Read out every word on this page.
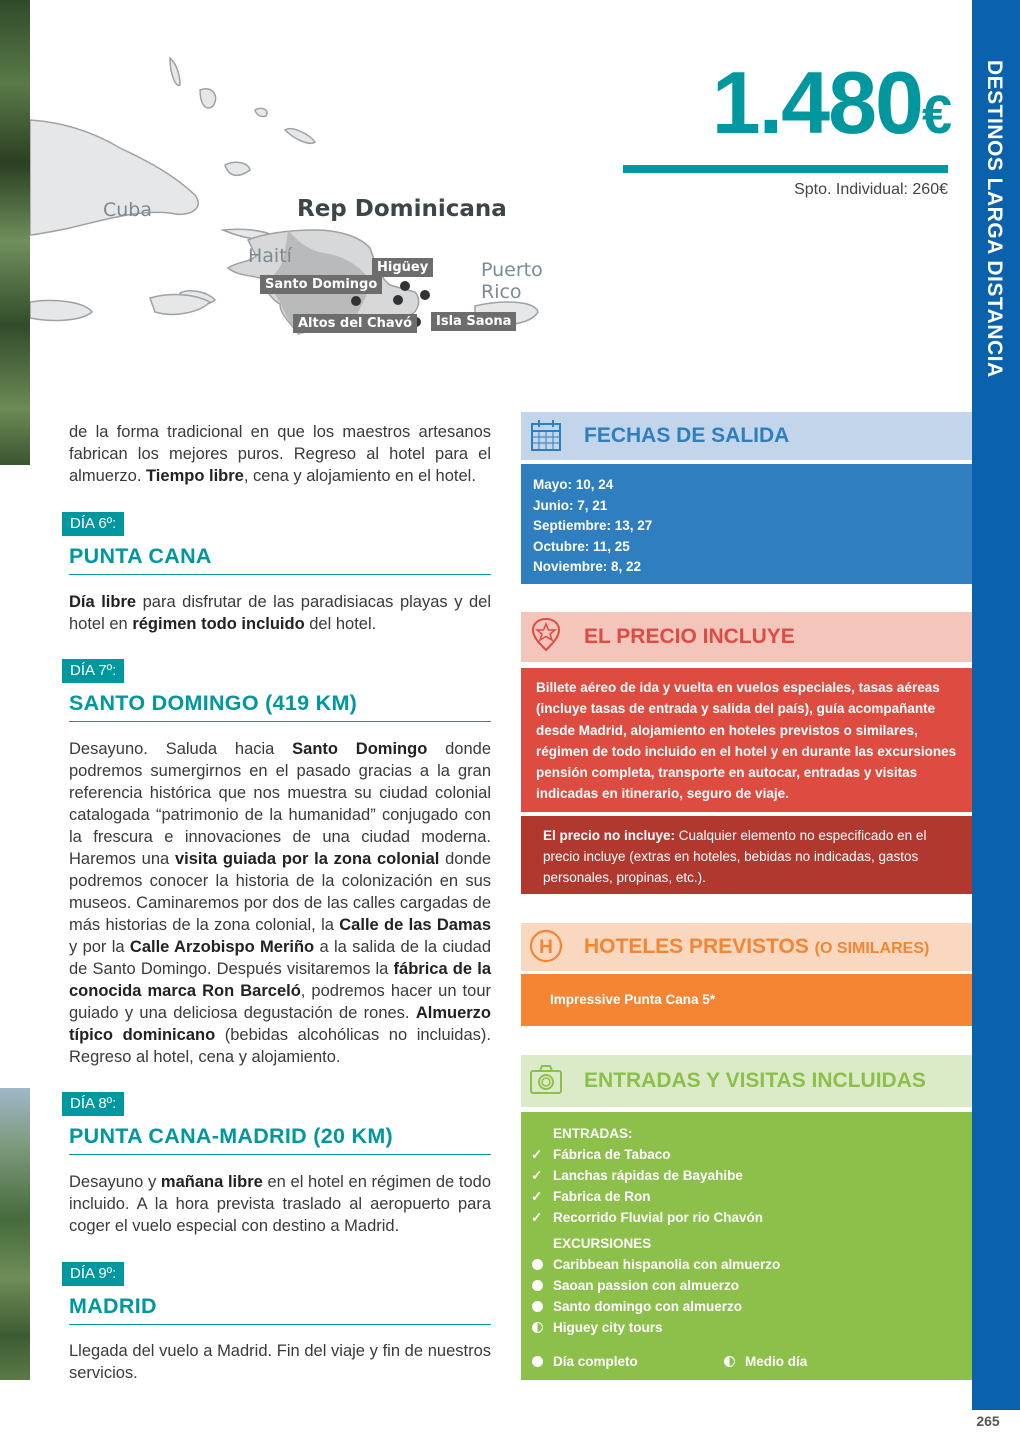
DESTINOS LARGA DISTANCIA
265
Cuba
Haití
Puerto
Rico
Rep Dominicana
Higüey
Santo Domingo
Altos del Chavó	Isla Saona
1.480€
Spto. Individual: 260€
de la forma tradicional en que los maestros artesanos fabrican los mejores puros. Regreso al hotel para el almuerzo. Tiempo libre, cena y alojamiento en el hotel.
DÍA 6º:
PUNTA CANA
Día libre para disfrutar de las paradisiacas playas y del hotel en régimen todo incluido del hotel.
DÍA 7º:
SANTO DOMINGO (419 KM)
Desayuno. Saluda hacia Santo Domingo donde podremos sumergirnos en el pasado gracias a la gran referencia histórica que nos muestra su ciudad colonial catalogada “patrimonio de la humanidad” conjugado con la frescura e innovaciones de una ciudad moderna. Haremos una visita guiada por la zona colonial donde podremos conocer la historia de la colonización en sus museos. Caminaremos por dos de las calles cargadas de más historias de la zona colonial, la Calle de las Damas y por la Calle Arzobispo Meriño a la salida de la ciudad de Santo Domingo. Después visitaremos la fábrica de la conocida marca Ron Barceló, podremos hacer un tour guiado y una deliciosa degustación de rones. Almuerzo típico dominicano (bebidas alcohólicas no incluidas). Regreso al hotel, cena y alojamiento.
DÍA 8º:
PUNTA CANA-MADRID (20 KM)
Desayuno y mañana libre en el hotel en régimen de todo incluido. A la hora prevista traslado al aeropuerto para coger el vuelo especial con destino a Madrid.
DÍA 9º:
MADRID
Llegada del vuelo a Madrid. Fin del viaje y fin de nuestros servicios.
FECHAS DE SALIDA
Mayo: 10, 24
Junio: 7, 21
Septiembre: 13, 27
Octubre: 11, 25
Noviembre: 8, 22
EL PRECIO INCLUYE
Billete aéreo de ida y vuelta en vuelos especiales, tasas aéreas (incluye tasas de entrada y salida del país), guía acompañante desde Madrid, alojamiento en hoteles previstos o similares, régimen de todo incluido en el hotel y en durante las excursiones pensión completa, transporte en autocar, entradas y visitas indicadas en itinerario, seguro de viaje.
El precio no incluye: Cualquier elemento no especificado en el precio incluye (extras en hoteles, bebidas no indicadas, gastos personales, propinas, etc.).
H HOTELES PREVISTOS (O SIMILARES)
Impressive Punta Cana 5*
ENTRADAS Y VISITAS INCLUIDAS
ENTRADAS:
✓ Fábrica de Tabaco
✓ Lanchas rápidas de Bayahibe
✓ Fabrica de Ron
✓ Recorrido Fluvial por rio Chavón
EXCURSIONES
Caribbean hispanolia con almuerzo
Saoan passion con almuerzo
Santo domingo con almuerzo
Higuey city tours
Día completo	Medio día
